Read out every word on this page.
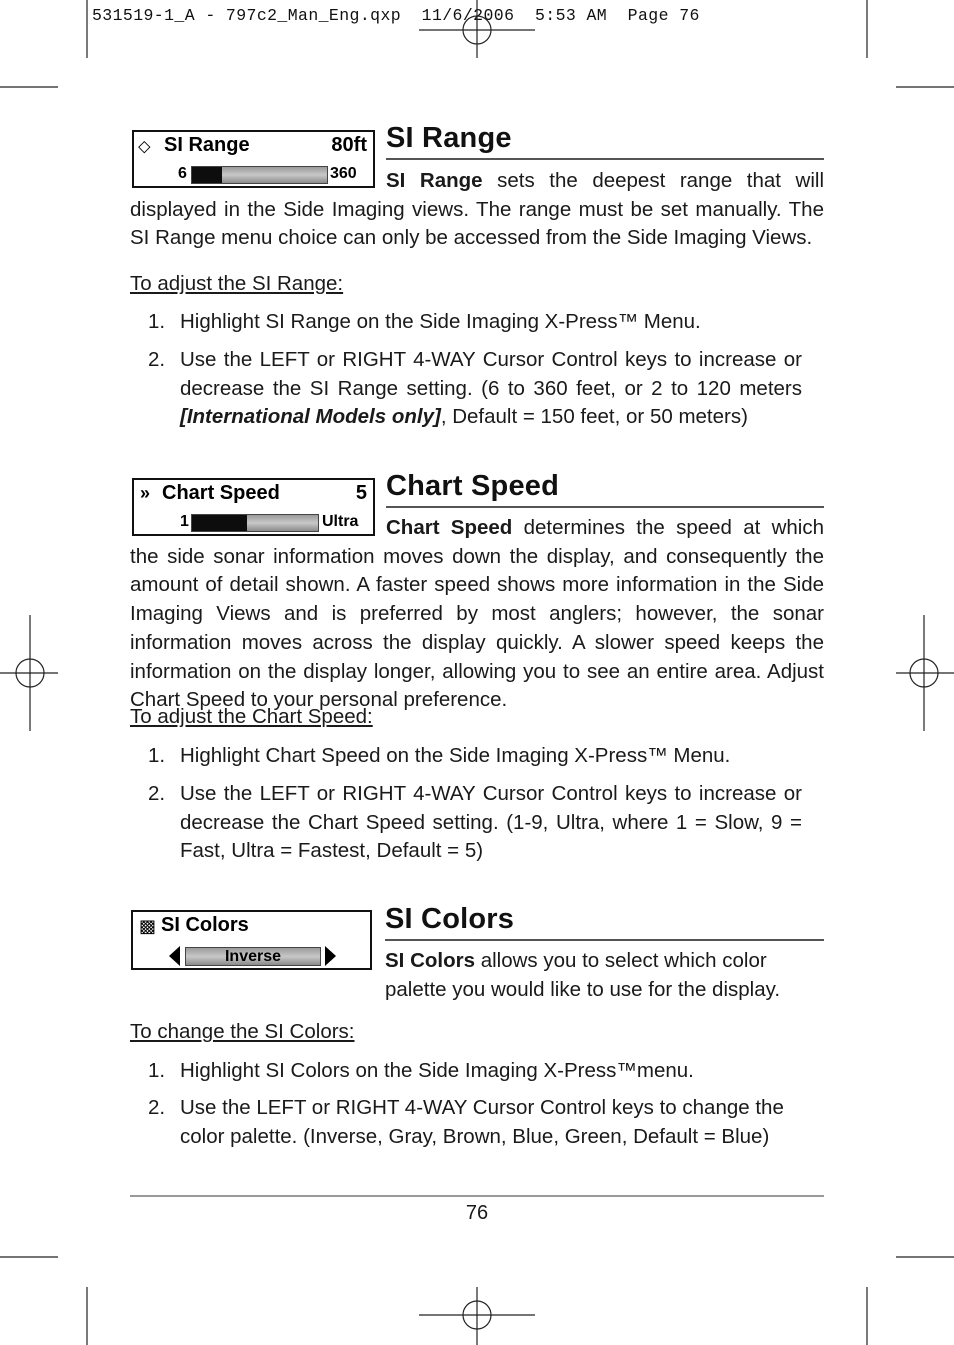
531519-1_A - 797c2_Man_Eng.qxp  11/6/2006  5:53 AM  Page 76
⬦ SI Range	80ft
6	360
SI Range

SI Range sets the deepest range that will displayed in the Side Imaging views. The range must be set manually. The SI Range menu choice can only be accessed from the Side Imaging Views.

To adjust the SI Range:
1. Highlight SI Range on the Side Imaging X-Press™ Menu.
2. Use the LEFT or RIGHT 4-WAY Cursor Control keys to increase or decrease the SI Range setting. (6 to 360 feet, or 2 to 120 meters [International Models only], Default = 150 feet, or 50 meters)
» Chart Speed	5
1	Ultra
Chart Speed

Chart Speed determines the speed at which the side sonar information moves down the display, and consequently the amount of detail shown. A faster speed shows more information in the Side Imaging Views and is preferred by most anglers; however, the sonar information moves across the display quickly. A slower speed keeps the information on the display longer, allowing you to see an entire area. Adjust Chart Speed to your personal preference.

To adjust the Chart Speed:
1. Highlight Chart Speed on the Side Imaging X-Press™ Menu.
2. Use the LEFT or RIGHT 4-WAY Cursor Control keys to increase or decrease the Chart Speed setting. (1-9, Ultra, where 1 = Slow, 9 = Fast, Ultra = Fastest, Default = 5)
▩ SI Colors
Inverse
SI Colors

SI Colors allows you to select which color palette you would like to use for the display.

To change the SI Colors:
1. Highlight SI Colors on the Side Imaging X-Press™menu.
2. Use the LEFT or RIGHT 4-WAY Cursor Control keys to change the color palette. (Inverse, Gray, Brown, Blue, Green, Default = Blue)
76
